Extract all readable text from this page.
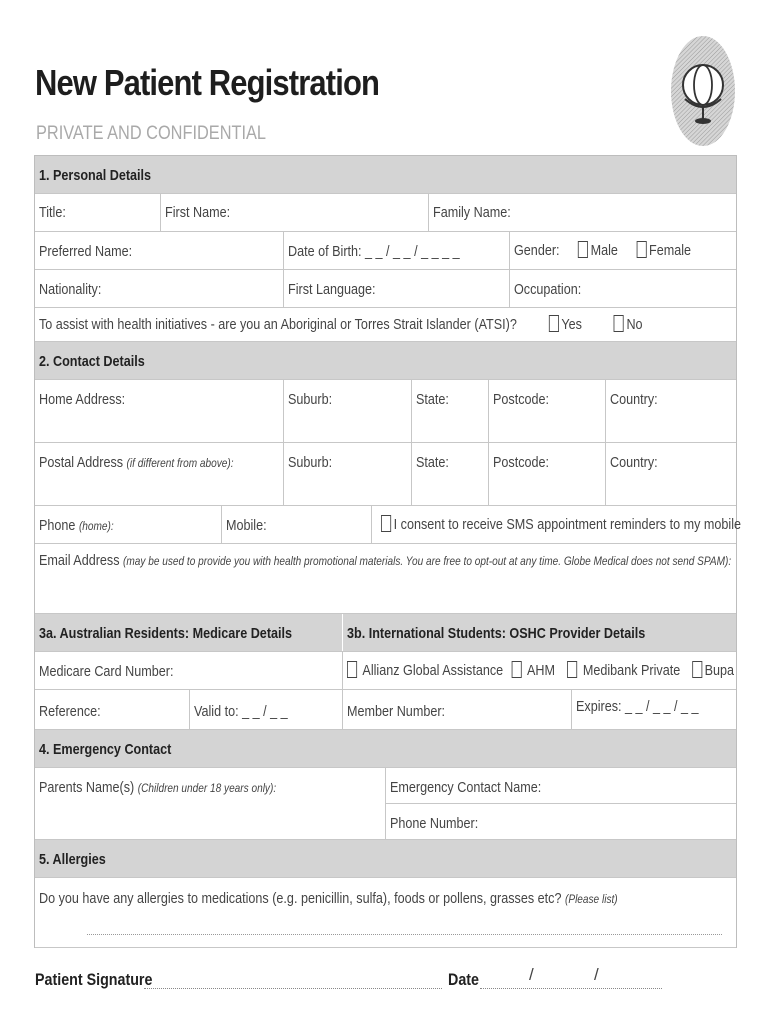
New Patient Registration
PRIVATE AND CONFIDENTIAL
1. Personal Details
Title:	First Name:	Family Name:
Preferred Name:	Date of Birth: _ _ / _ _ / _ _ _ _	Gender: Male Female
Nationality:	First Language:	Occupation:
To assist with health initiatives - are you an Aboriginal or Torres Strait Islander (ATSI)?	Yes	No
2. Contact Details
Home Address:	Suburb:	State:	Postcode:	Country:
Postal Address (if different from above):	Suburb:	State:	Postcode:	Country:
Phone (home):	Mobile:	I consent to receive SMS appointment reminders to my mobile
Email Address (may be used to provide you with health promotional materials. You are free to opt-out at any time. Globe Medical does not send SPAM):
3a. Australian Residents: Medicare Details	3b. International Students: OSHC Provider Details
Medicare Card Number:	Allianz Global Assistance AHM Medibank Private Bupa
Reference:	Valid to: _ _ / _ _	Member Number:	Expires: _ _ / _ _ / _ _
4. Emergency Contact
Parents Name(s) (Children under 18 years only):	Emergency Contact Name:
Phone Number:
5. Allergies
Do you have any allergies to medications (e.g. penicillin, sulfa), foods or pollens, grasses etc? (Please list)
Patient Signature	Date	/	/
